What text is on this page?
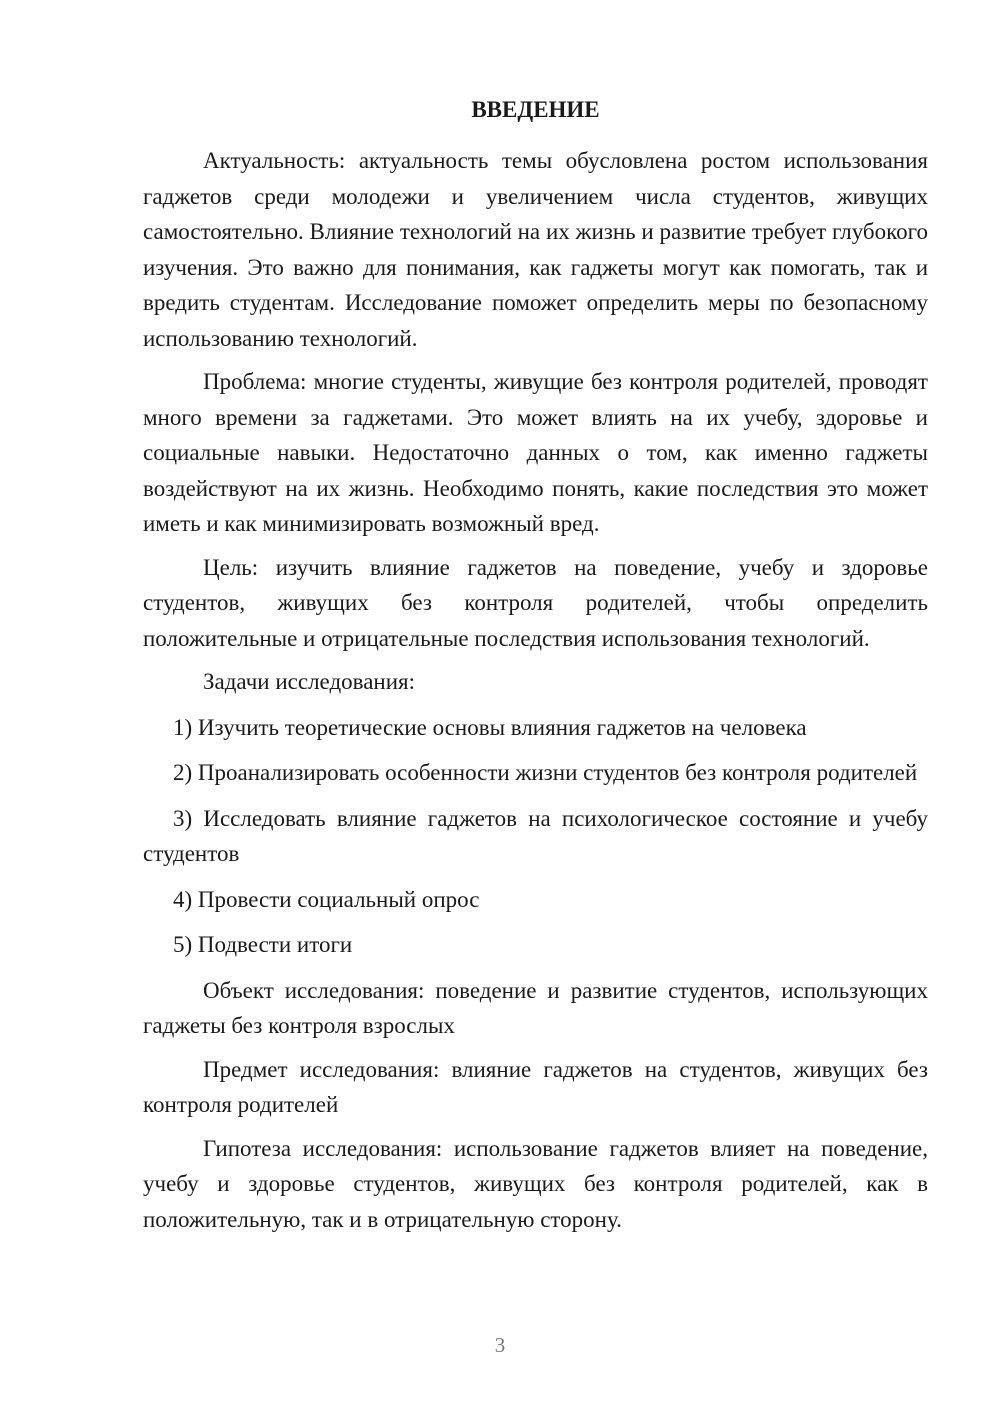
ВВЕДЕНИЕ

Актуальность: актуальность темы обусловлена ростом использования гаджетов среди молодежи и увеличением числа студентов, живущих самостоятельно. Влияние технологий на их жизнь и развитие требует глубокого изучения. Это важно для понимания, как гаджеты могут как помогать, так и вредить студентам. Исследование поможет определить меры по безопасному использованию технологий.

Проблема: многие студенты, живущие без контроля родителей, проводят много времени за гаджетами. Это может влиять на их учебу, здоровье и социальные навыки. Недостаточно данных о том, как именно гаджеты воздействуют на их жизнь. Необходимо понять, какие последствия это может иметь и как минимизировать возможный вред.

Цель: изучить влияние гаджетов на поведение, учебу и здоровье студентов, живущих без контроля родителей, чтобы определить положительные и отрицательные последствия использования технологий.

Задачи исследования:

1) Изучить теоретические основы влияния гаджетов на человека

2) Проанализировать особенности жизни студентов без контроля родителей

3) Исследовать влияние гаджетов на психологическое состояние и учебу студентов

4) Провести социальный опрос

5) Подвести итоги

Объект исследования: поведение и развитие студентов, использующих гаджеты без контроля взрослых

Предмет исследования: влияние гаджетов на студентов, живущих без контроля родителей

Гипотеза исследования: использование гаджетов влияет на поведение, учебу и здоровье студентов, живущих без контроля родителей, как в положительную, так и в отрицательную сторону.

3
